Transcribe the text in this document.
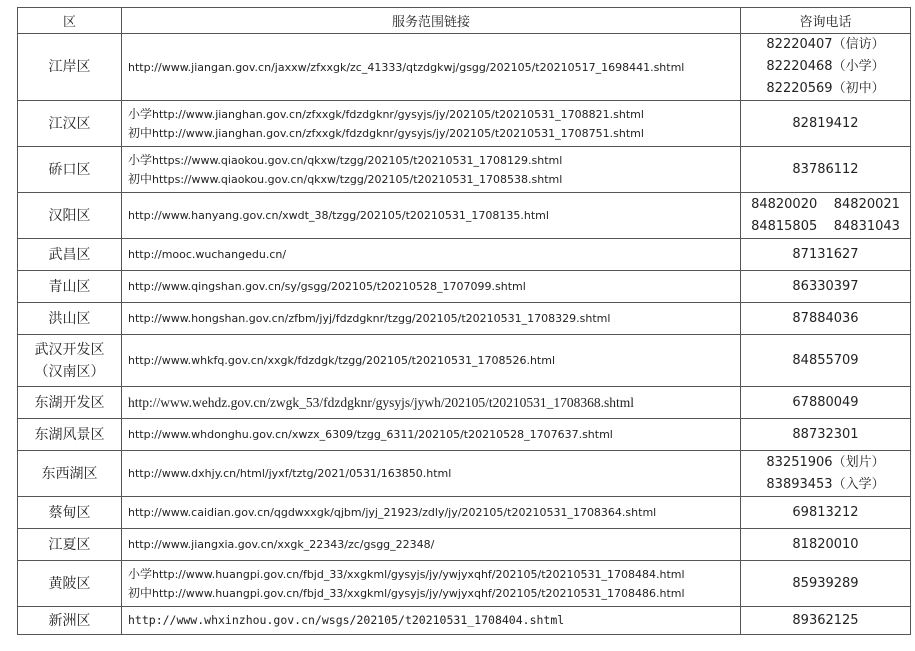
区	服务范围链接	咨询电话
江岸区	http://www.jiangan.gov.cn/jaxxw/zfxxgk/zc_41333/qtzdgkwj/gsgg/202105/t20210517_1698441.shtml	82220407（信访）
82220468（小学）
82220569（初中）

江汉区	小学http://www.jianghan.gov.cn/zfxxgk/fdzdgknr/gysyjs/jy/202105/t20210531_1708821.shtml
初中http://www.jianghan.gov.cn/zfxxgk/fdzdgknr/gysyjs/jy/202105/t20210531_1708751.shtml	82819412

硚口区	小学https://www.qiaokou.gov.cn/qkxw/tzgg/202105/t20210531_1708129.shtml
初中https://www.qiaokou.gov.cn/qkxw/tzgg/202105/t20210531_1708538.shtml	83786112

汉阳区	http://www.hanyang.gov.cn/xwdt_38/tzgg/202105/t20210531_1708135.html	84820020    84820021
84815805    84831043

武昌区	http://mooc.wuchangedu.cn/	87131627

青山区	http://www.qingshan.gov.cn/sy/gsgg/202105/t20210528_1707099.shtml	86330397

洪山区	http://www.hongshan.gov.cn/zfbm/jyj/fdzdgknr/tzgg/202105/t20210531_1708329.shtml	87884036

武汉开发区
（汉南区）	http://www.whkfq.gov.cn/xxgk/fdzdgk/tzgg/202105/t20210531_1708526.html	84855709

东湖开发区	http://www.wehdz.gov.cn/zwgk_53/fdzdgknr/gysyjs/jywh/202105/t20210531_1708368.shtml	67880049

东湖风景区	http://www.whdonghu.gov.cn/xwzx_6309/tzgg_6311/202105/t20210528_1707637.shtml	88732301

东西湖区	http://www.dxhjy.cn/html/jyxf/tztg/2021/0531/163850.html	83251906（划片）
83893453（入学）

蔡甸区	http://www.caidian.gov.cn/qgdwxxgk/qjbm/jyj_21923/zdly/jy/202105/t20210531_1708364.shtml	69813212

江夏区	http://www.jiangxia.gov.cn/xxgk_22343/zc/gsgg_22348/	81820010

黄陂区	小学http://www.huangpi.gov.cn/fbjd_33/xxgkml/gysyjs/jy/ywjyxqhf/202105/t20210531_1708484.html
初中http://www.huangpi.gov.cn/fbjd_33/xxgkml/gysyjs/jy/ywjyxqhf/202105/t20210531_1708486.html	85939289

新洲区	http://www.whxinzhou.gov.cn/wsgs/202105/t20210531_1708404.shtml	89362125
